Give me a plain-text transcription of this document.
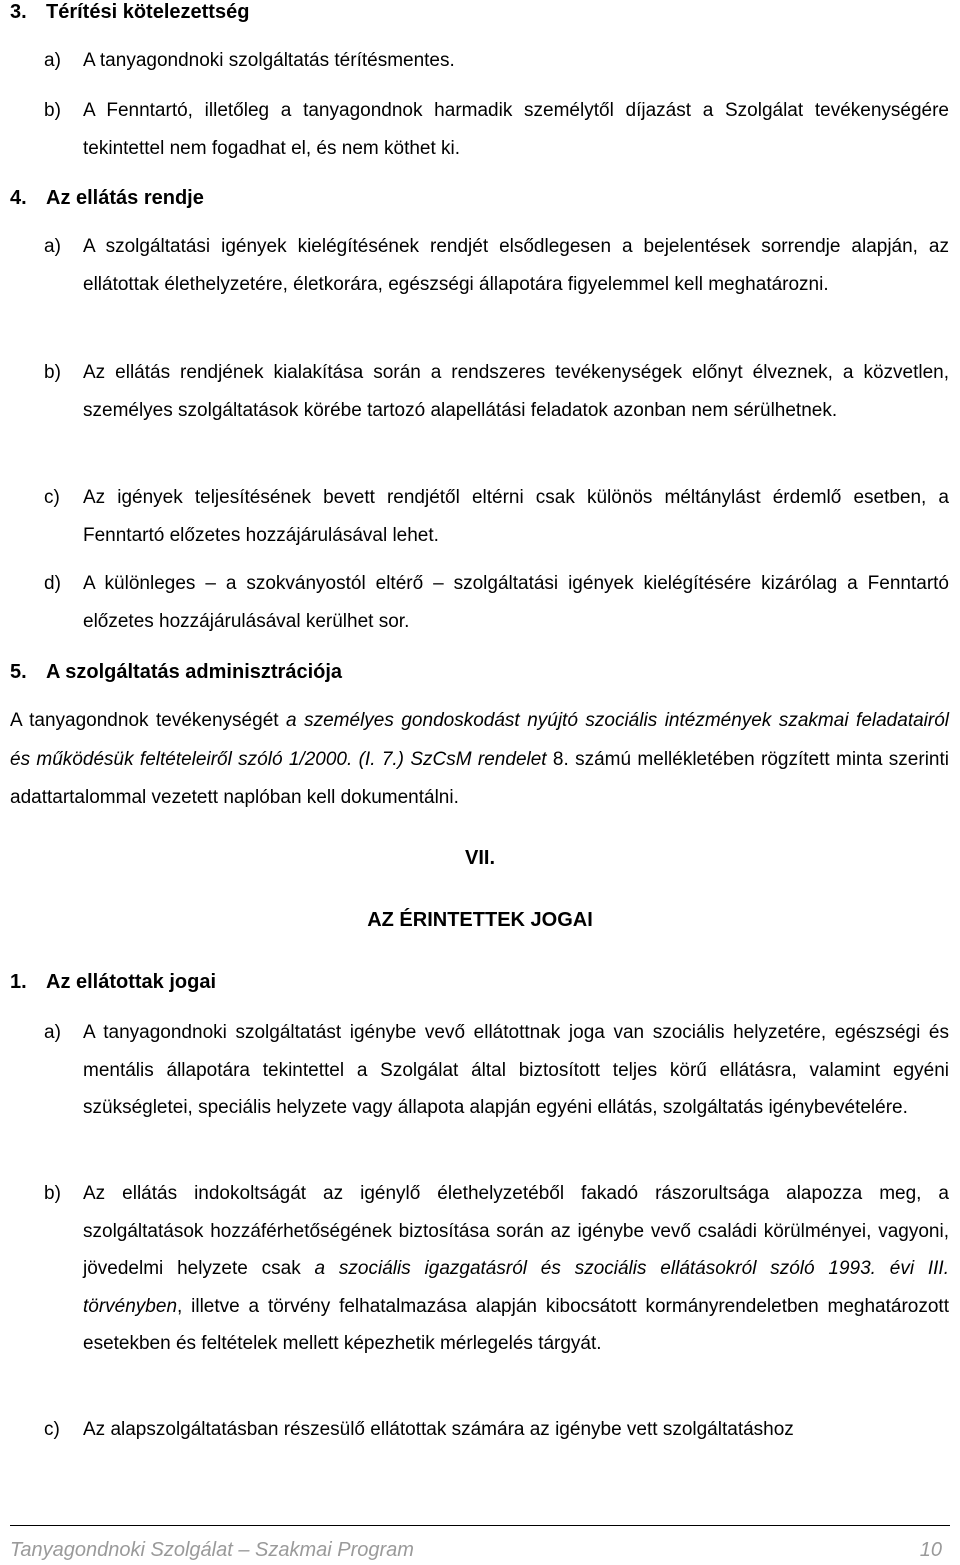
3. Térítési kötelezettség
a) A tanyagondnoki szolgáltatás térítésmentes.
b) A Fenntartó, illetőleg a tanyagondnok harmadik személytől díjazást a Szolgálat tevékenységére tekintettel nem fogadhat el, és nem köthet ki.
4. Az ellátás rendje
a) A szolgáltatási igények kielégítésének rendjét elsődlegesen a bejelentések sorrendje alapján, az ellátottak élethelyzetére, életkorára, egészségi állapotára figyelemmel kell meghatározni.
b) Az ellátás rendjének kialakítása során a rendszeres tevékenységek előnyt élveznek, a közvetlen, személyes szolgáltatások körébe tartozó alapellátási feladatok azonban nem sérülhetnek.
c) Az igények teljesítésének bevett rendjétől eltérni csak különös méltánylást érdemlő esetben, a Fenntartó előzetes hozzájárulásával lehet.
d) A különleges – a szokványostól eltérő – szolgáltatási igények kielégítésére kizárólag a Fenntartó előzetes hozzájárulásával kerülhet sor.
5. A szolgáltatás adminisztrációja
A tanyagondnok tevékenységét a személyes gondoskodást nyújtó szociális intézmények szakmai feladatairól és működésük feltételeiről szóló 1/2000. (I. 7.) SzCsM rendelet 8. számú mellékletében rögzített minta szerinti adattartalommal vezetett naplóban kell dokumentálni.
VII.
AZ ÉRINTETTEK JOGAI
1. Az ellátottak jogai
a) A tanyagondnoki szolgáltatást igénybe vevő ellátottnak joga van szociális helyzetére, egészségi és mentális állapotára tekintettel a Szolgálat által biztosított teljes körű ellátásra, valamint egyéni szükségletei, speciális helyzete vagy állapota alapján egyéni ellátás, szolgáltatás igénybevételére.
b) Az ellátás indokoltságát az igénylő élethelyzetéből fakadó rászorultsága alapozza meg, a szolgáltatások hozzáférhetőségének biztosítása során az igénybe vevő családi körülményei, vagyoni, jövedelmi helyzete csak a szociális igazgatásról és szociális ellátásokról szóló 1993. évi III. törvényben, illetve a törvény felhatalmazása alapján kibocsátott kormányrendeletben meghatározott esetekben és feltételek mellett képezhetik mérlegelés tárgyát.
c) Az alapszolgáltatásban részesülő ellátottak számára az igénybe vett szolgáltatáshoz
Tanyagondnoki Szolgálat – Szakmai Program	10
